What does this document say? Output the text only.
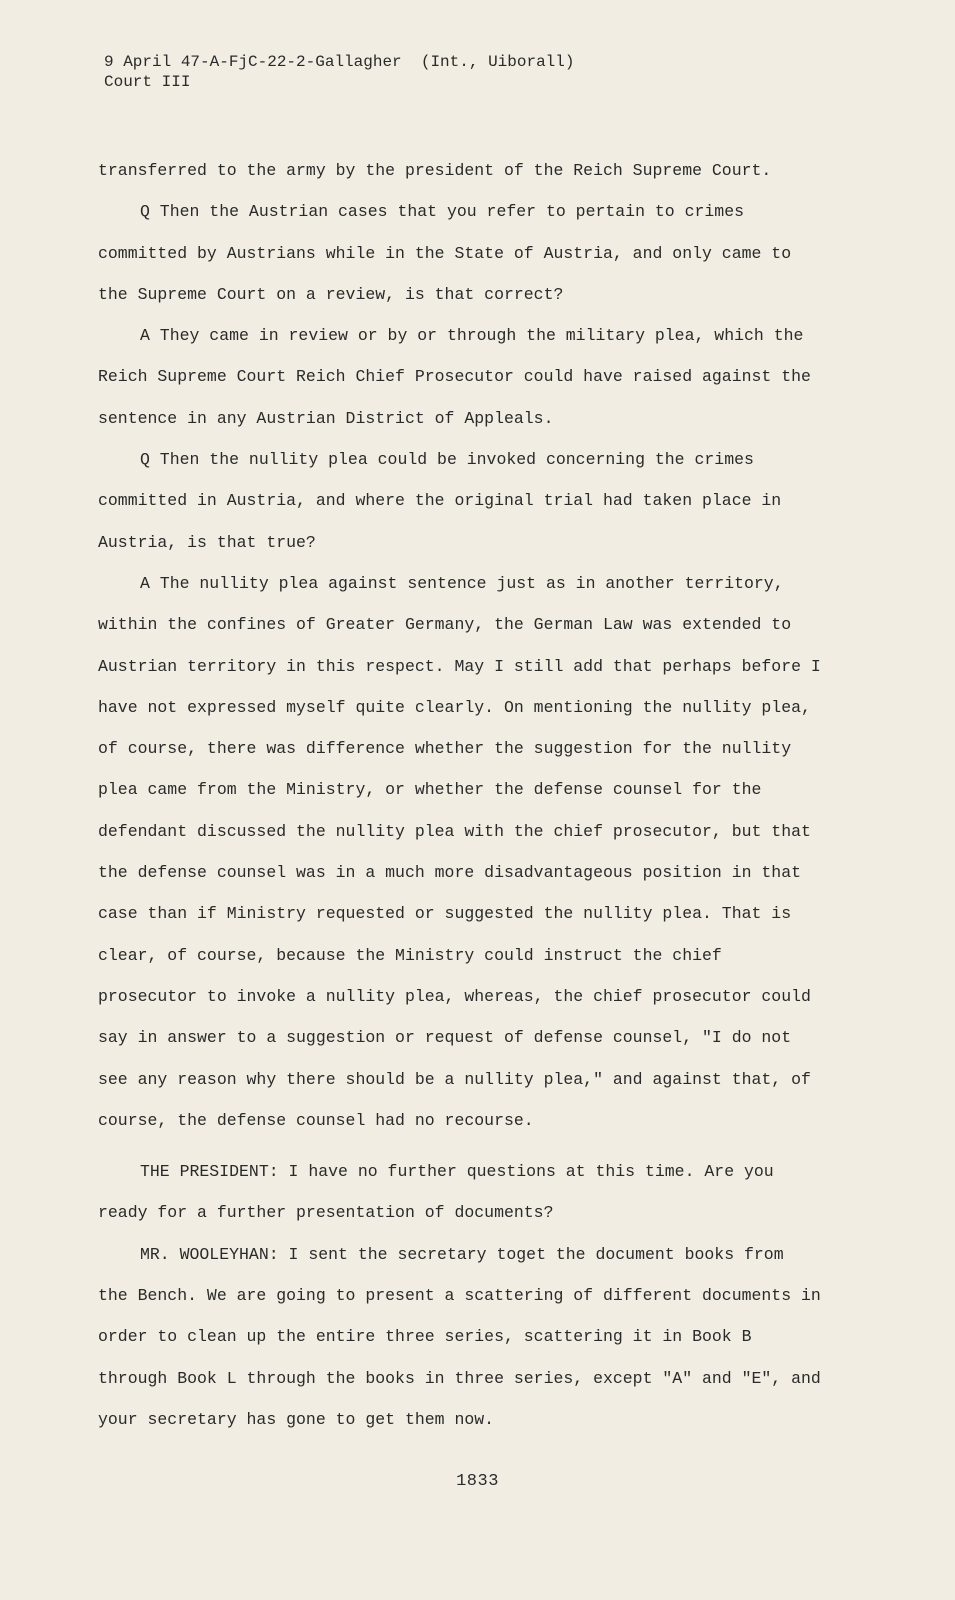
9 April 47-A-FjC-22-2-Gallagher  (Int., Uiborall)
Court III

transferred to the army by the president of the Reich Supreme Court.

Q Then the Austrian cases that you refer to pertain to crimes committed by Austrians while in the State of Austria, and only came to the Supreme Court on a review, is that correct?

A They came in review or by or through the military plea, which the Reich Supreme Court Reich Chief Prosecutor could have raised against the sentence in any Austrian District of Appleals.

Q Then the nullity plea could be invoked concerning the crimes committed in Austria, and where the original trial had taken place in Austria, is that true?

A The nullity plea against sentence just as in another territory, within the confines of Greater Germany, the German Law was extended to Austrian territory in this respect. May I still add that perhaps before I have not expressed myself quite clearly. On mentioning the nullity plea, of course, there was difference whether the suggestion for the nullity plea came from the Ministry, or whether the defense counsel for the defendant discussed the nullity plea with the chief prosecutor, but that the defense counsel was in a much more disadvantageous position in that case than if Ministry requested or suggested the nullity plea. That is clear, of course, because the Ministry could instruct the chief prosecutor to invoke a nullity plea, whereas, the chief prosecutor could say in answer to a suggestion or request of defense counsel, "I do not see any reason why there should be a nullity plea," and against that, of course, the defense counsel had no recourse.

THE PRESIDENT: I have no further questions at this time. Are you ready for a further presentation of documents?

MR. WOOLEYHAN: I sent the secretary toget the document books from the Bench. We are going to present a scattering of different documents in order to clean up the entire three series, scattering it in Book B through Book L through the books in three series, except "A" and "E", and your secretary has gone to get them now.

1833
